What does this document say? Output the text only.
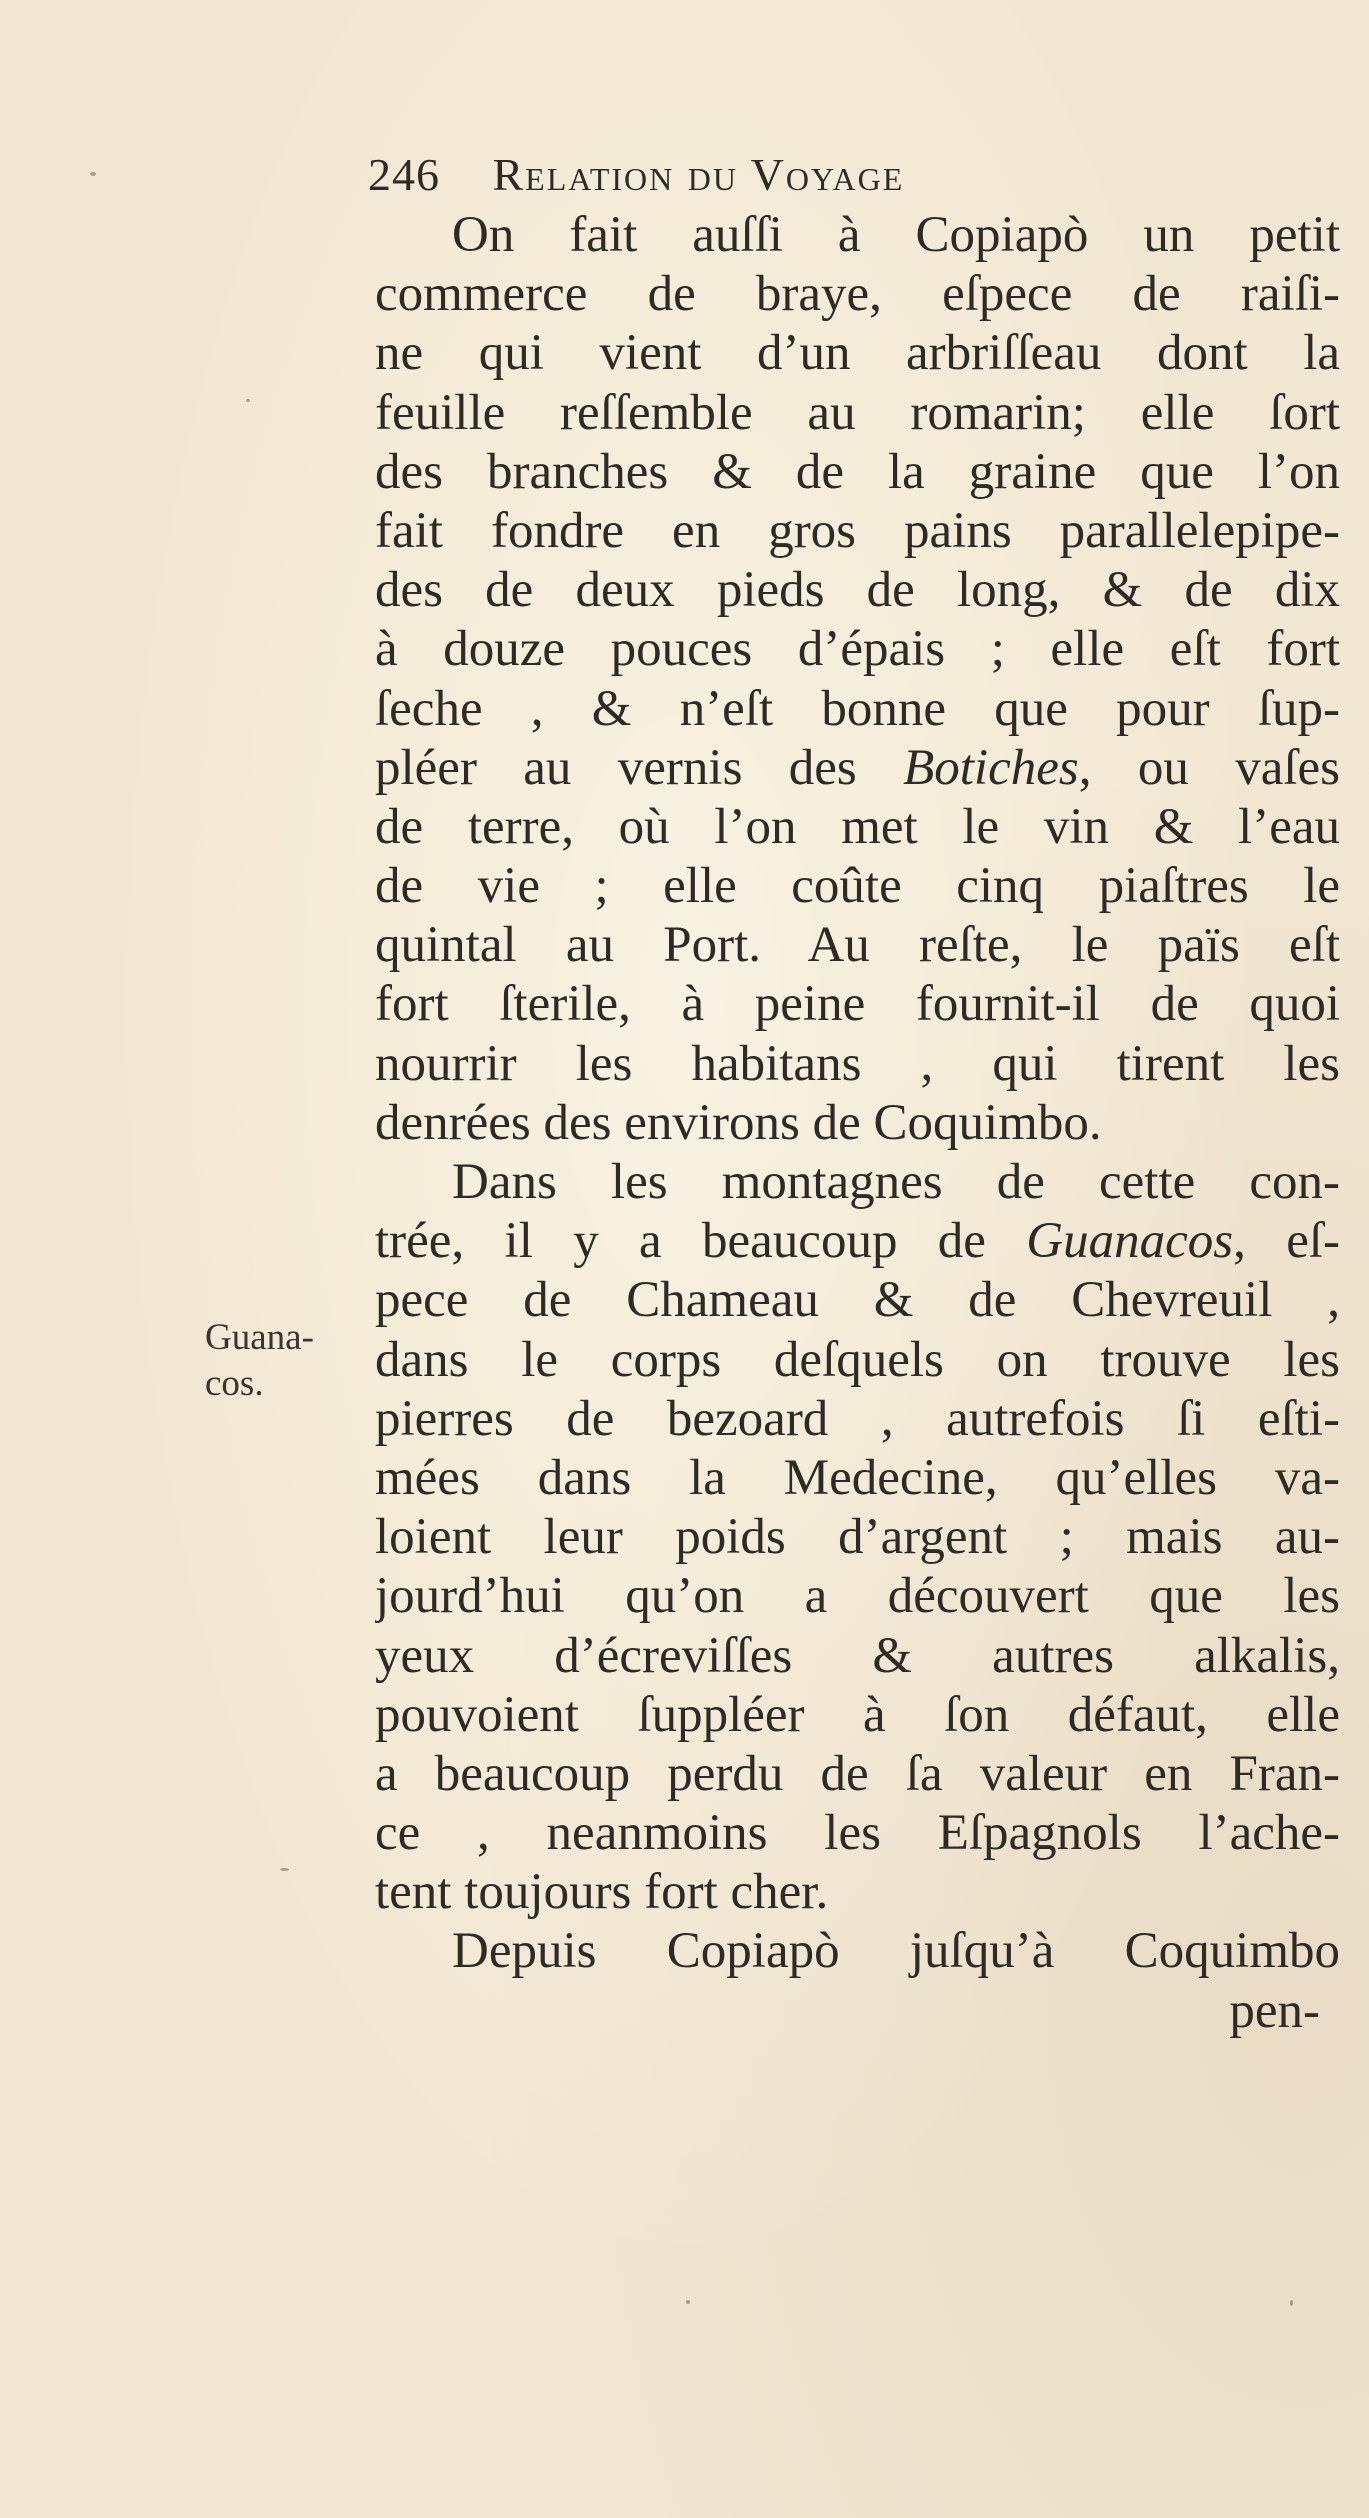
246 Relation du Voyage
Guana-
cos.
On fait auſſi à Copiapò un petit
commerce de braye, eſpece de raiſi-
ne qui vient d’un arbriſſeau dont la
feuille reſſemble au romarin; elle ſort
des branches & de la graine que l’on
fait fondre en gros pains parallelepipe-
des de deux pieds de long, & de dix
à douze pouces d’épais ; elle eſt fort
ſeche , & n’eſt bonne que pour ſup-
pléer au vernis des Botiches, ou vaſes
de terre, où l’on met le vin & l’eau
de vie ; elle coûte cinq piaſtres le
quintal au Port. Au reſte, le païs eſt
fort ſterile, à peine fournit-il de quoi
nourrir les habitans , qui tirent les
denrées des environs de Coquimbo.
Dans les montagnes de cette con-
trée, il y a beaucoup de Guanacos, eſ-
pece de Chameau & de Chevreuil ,
dans le corps deſquels on trouve les
pierres de bezoard , autrefois ſi eſti-
mées dans la Medecine, qu’elles va-
loient leur poids d’argent ; mais au-
jourd’hui qu’on a découvert que les
yeux d’écreviſſes & autres alkalis,
pouvoient ſuppléer à ſon défaut, elle
a beaucoup perdu de ſa valeur en Fran-
ce , neanmoins les Eſpagnols l’ache-
tent toujours fort cher.
Depuis Copiapò juſqu’à Coquimbo
pen-
